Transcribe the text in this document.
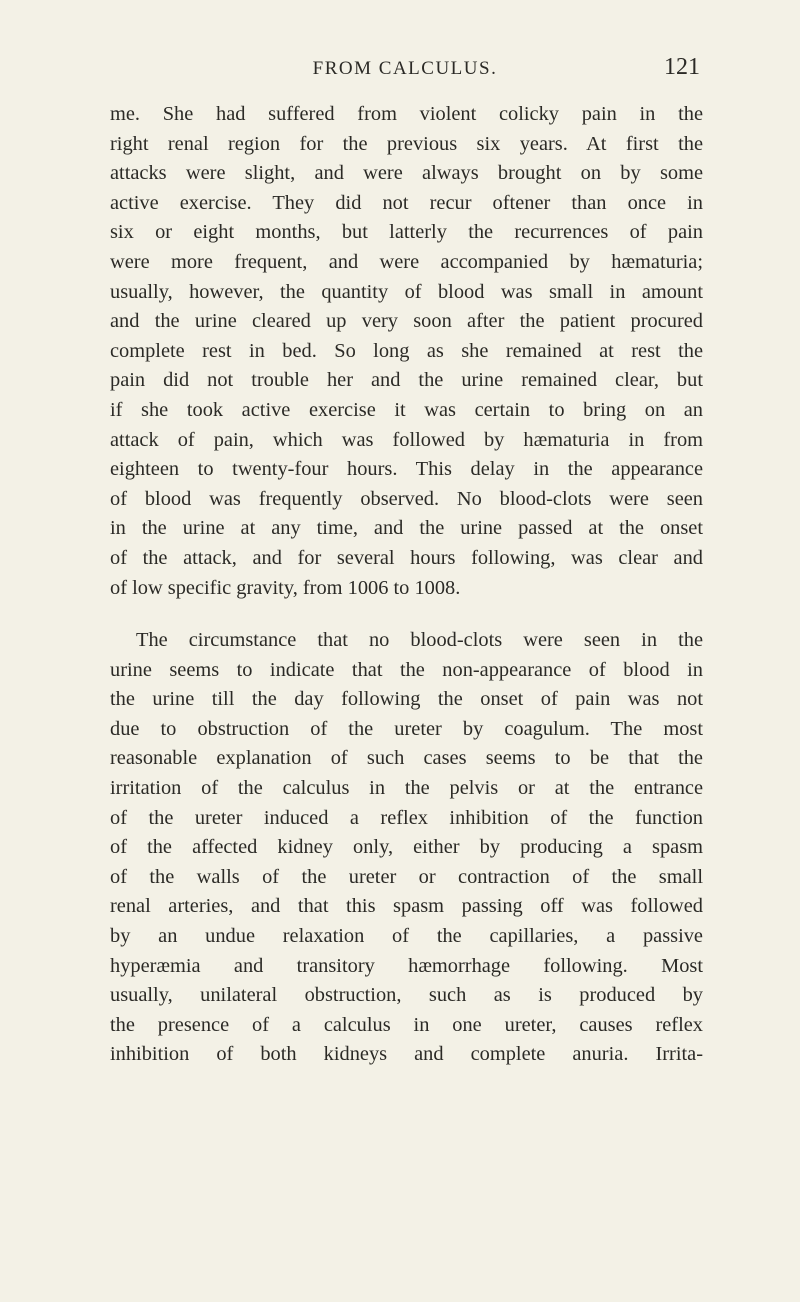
FROM CALCULUS.	121
me. She had suffered from violent colicky pain in the
right renal region for the previous six years. At first the
attacks were slight, and were always brought on by some
active exercise. They did not recur oftener than once in
six or eight months, but latterly the recurrences of pain
were more frequent, and were accompanied by hæmaturia;
usually, however, the quantity of blood was small in amount
and the urine cleared up very soon after the patient procured
complete rest in bed. So long as she remained at rest the
pain did not trouble her and the urine remained clear, but
if she took active exercise it was certain to bring on an
attack of pain, which was followed by hæmaturia in from
eighteen to twenty-four hours. This delay in the appearance
of blood was frequently observed. No blood-clots were seen
in the urine at any time, and the urine passed at the onset
of the attack, and for several hours following, was clear and
of low specific gravity, from 1006 to 1008.
The circumstance that no blood-clots were seen in the
urine seems to indicate that the non-appearance of blood in
the urine till the day following the onset of pain was not
due to obstruction of the ureter by coagulum. The most
reasonable explanation of such cases seems to be that the
irritation of the calculus in the pelvis or at the entrance
of the ureter induced a reflex inhibition of the function
of the affected kidney only, either by producing a spasm
of the walls of the ureter or contraction of the small
renal arteries, and that this spasm passing off was followed
by an undue relaxation of the capillaries, a passive
hyperæmia and transitory hæmorrhage following. Most
usually, unilateral obstruction, such as is produced by
the presence of a calculus in one ureter, causes reflex
inhibition of both kidneys and complete anuria. Irrita-
